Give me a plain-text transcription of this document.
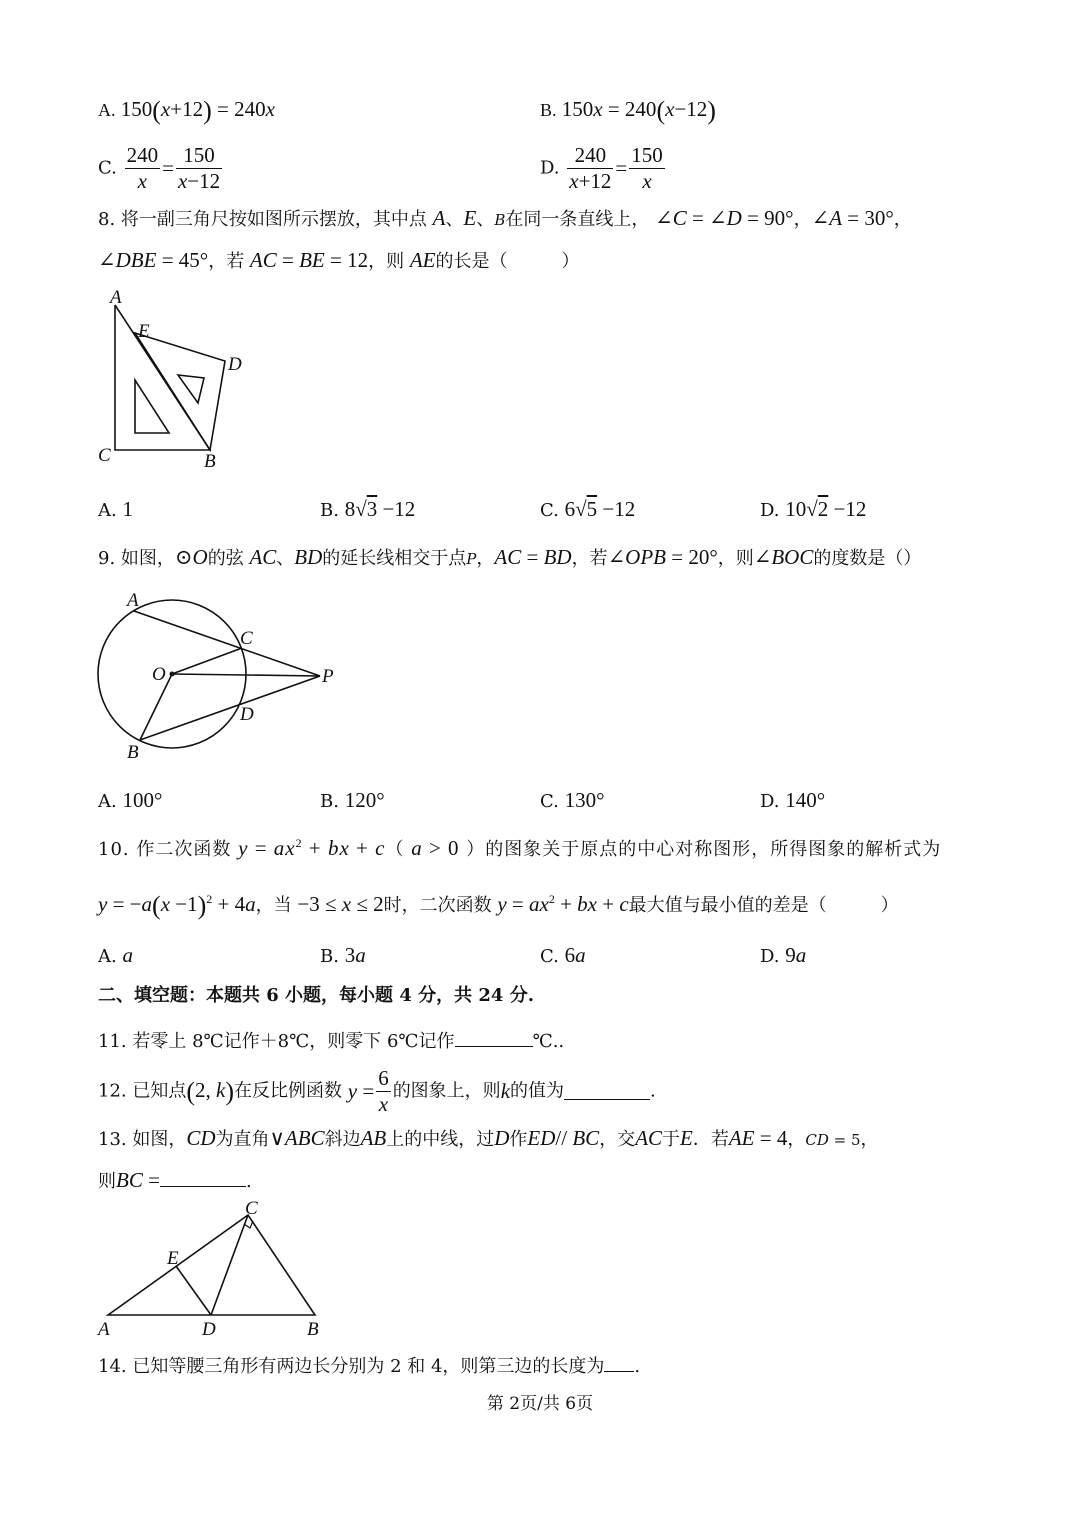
A. 150(x+12) = 240x	B. 150x = 240(x−12)
C. $\frac{240}{x} = \frac{150}{x-12}$	D. $\frac{240}{x+12} = \frac{150}{x}$
8. 将一副三角尺按如图所示摆放，其中点 A、E、B在同一条直线上， ∠C = ∠D = 90°，∠A = 30°，
∠DBE = 45°，若 AC = BE = 12，则 AE的长是（　　　）
A
E
D
C	B
A. 1	B. 8√3 −12	C. 6√5 −12	D. 10√2 −12
9. 如图，⊙O的弦 AC、BD的延长线相交于点P，AC = BD，若∠OPB = 20°，则∠BOC的度数是（）
A
C
O	P
D
B
A. 100°	B. 120°	C. 130°	D. 140°
10. 作二次函数 $y = ax^2$ + bx + c（ a > 0 ）的图象关于原点的中心对称图形，所得图象的解析式为
$y = -a(x -1)^2 + 4a$，当 −3 ≤ x ≤ 2时，二次函数 $y = ax^2$ + bx + c最大值与最小值的差是（　　　）
A. a	B. 3a	C. 6a	D. 9a
二、填空题：本题共 6 小题，每小题 4 分，共 24 分.
11. 若零上 8℃记作＋8℃，则零下 6℃记作	℃..
12. 已知点(2, k)在反比例函数 $y = \frac{6}{x}$ 的图象上，则k的值为	.
13. 如图，CD为直角∨ABC斜边AB上的中线，过D作ED// BC，交AC于E．若AE = 4，CD = 5，
则BC =	.
C
E
A	D	B
14. 已知等腰三角形有两边长分别为 2 和 4，则第三边的长度为 .
第 2页/共 6页
